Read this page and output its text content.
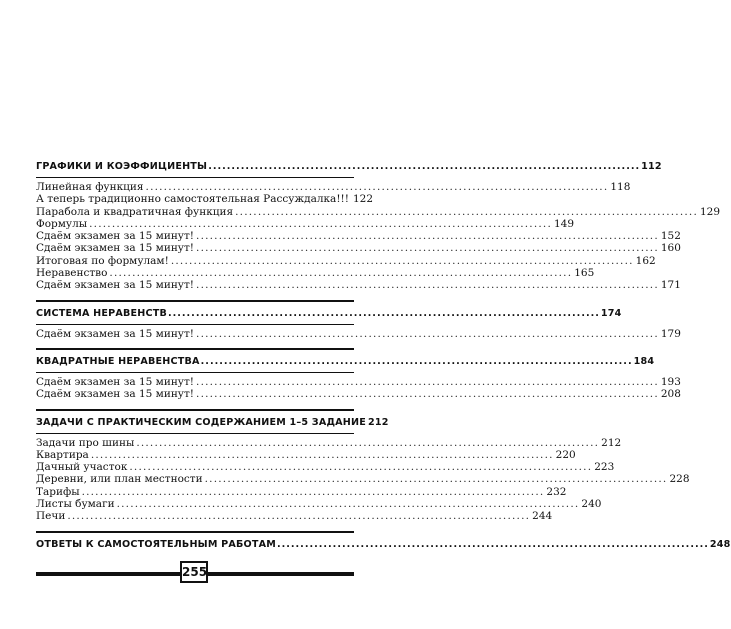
ГРАФИКИ И КОЭФФИЦИЕНТЫ ............................................................................................. 112
Линейная функция ...................................................................................................... 118
А теперь традиционно самостоятельная Рассуждалка!!! 122
Парабола и квадратичная функция ...................................................................................................... 129
Формулы ...................................................................................................... 149
Сдаём экзамен за 15 минут! ...................................................................................................... 152
Сдаём экзамен за 15 минут! ...................................................................................................... 160
Итоговая по формулам! ...................................................................................................... 162
Неравенство ...................................................................................................... 165
Сдаём экзамен за 15 минут! ...................................................................................................... 171
СИСТЕМА НЕРАВЕНСТВ ............................................................................................. 174
Сдаём экзамен за 15 минут! ...................................................................................................... 179
КВАДРАТНЫЕ НЕРАВЕНСТВА ............................................................................................. 184
Сдаём экзамен за 15 минут! ...................................................................................................... 193
Сдаём экзамен за 15 минут! ...................................................................................................... 208
ЗАДАЧИ С ПРАКТИЧЕСКИМ СОДЕРЖАНИЕМ 1–5 ЗАДАНИЕ 212
Задачи про шины ...................................................................................................... 212
Квартира ...................................................................................................... 220
Дачный участок ...................................................................................................... 223
Деревни, или план местности ...................................................................................................... 228
Тарифы ...................................................................................................... 232
Листы бумаги ...................................................................................................... 240
Печи ...................................................................................................... 244
ОТВЕТЫ К САМОСТОЯТЕЛЬНЫМ РАБОТАМ ............................................................................................. 248
255
